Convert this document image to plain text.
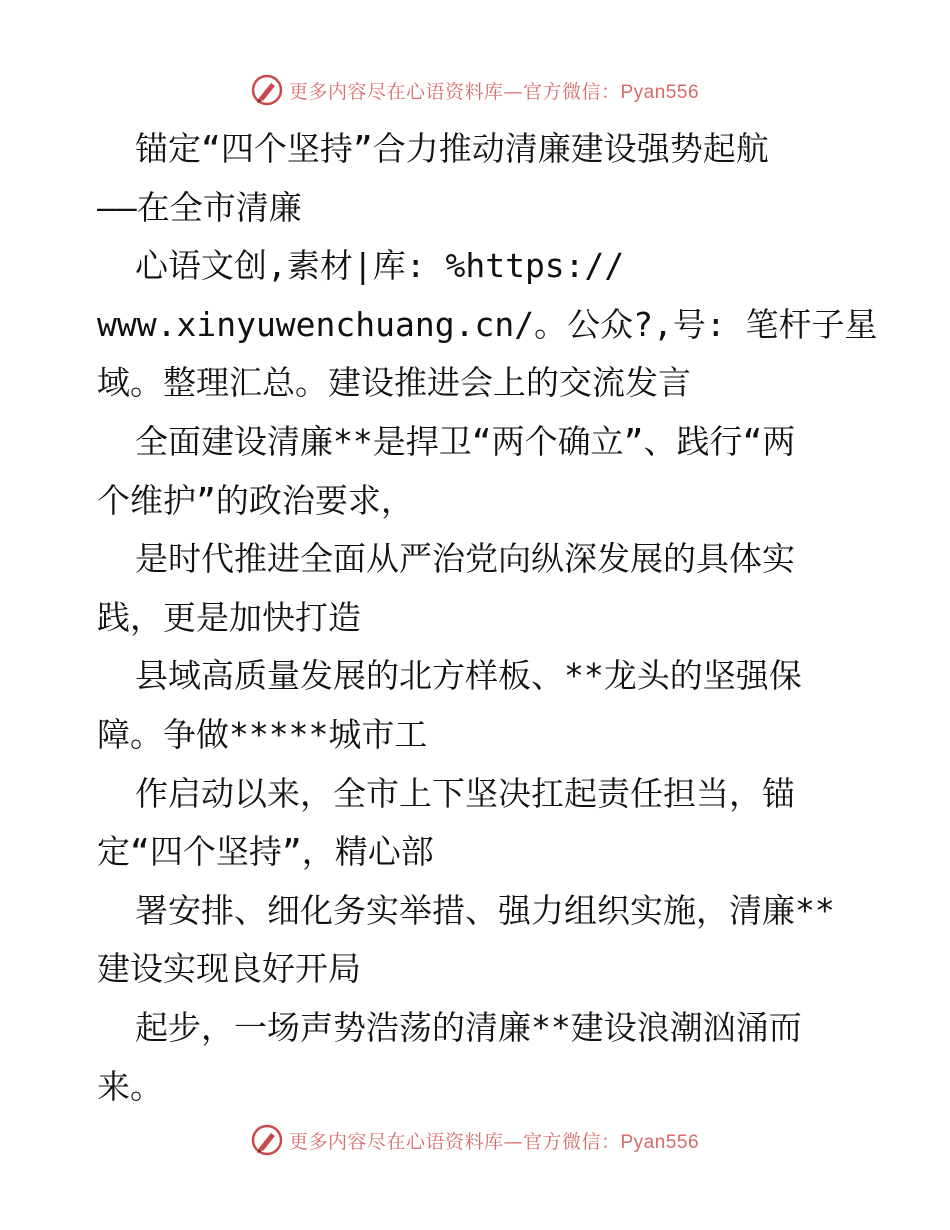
更多内容尽在心语资料库—官方微信：Pyan556
锚定“四个坚持”合力推动清廉建设强势起航
——在全市清廉
心语文创,素材|库: %https://
www.xinyuwenchuang.cn/。公众?,号: 笔杆子星
域。整理汇总。建设推进会上的交流发言
全面建设清廉**是捍卫“两个确立”、践行“两
个维护”的政治要求，
是时代推进全面从严治党向纵深发展的具体实
践，更是加快打造
县域高质量发展的北方样板、**龙头的坚强保
障。争做*****城市工
作启动以来，全市上下坚决扛起责任担当，锚
定“四个坚持”，精心部
署安排、细化务实举措、强力组织实施，清廉**
建设实现良好开局
起步，一场声势浩荡的清廉**建设浪潮汹涌而
来。
更多内容尽在心语资料库—官方微信：Pyan556
